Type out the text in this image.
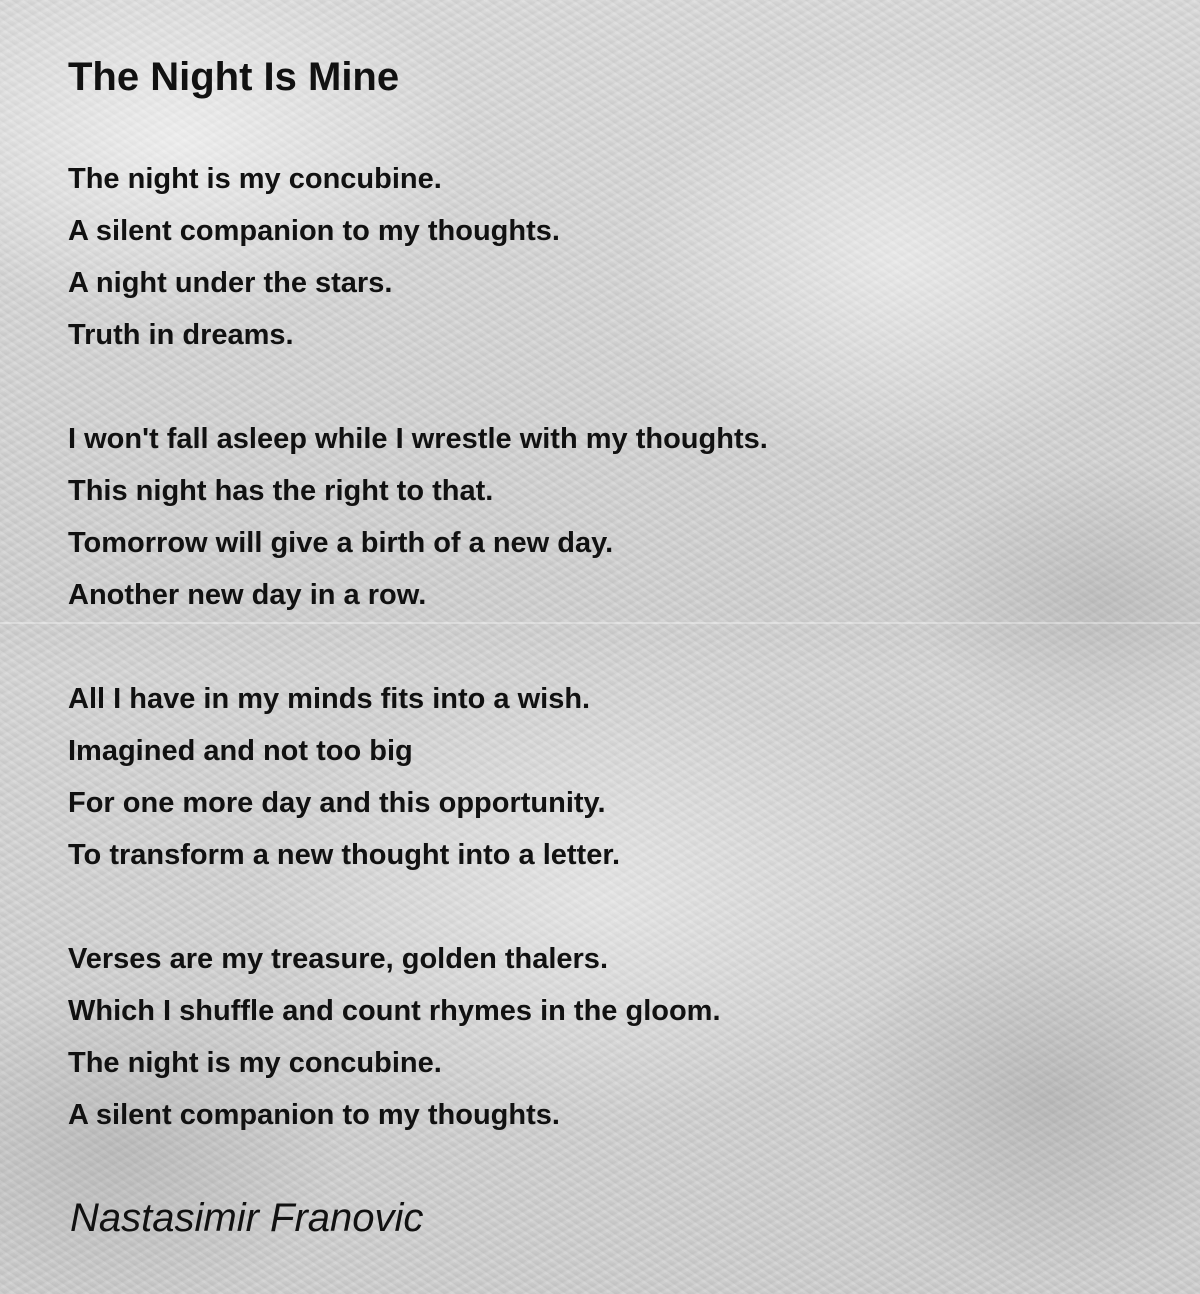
The Night Is Mine
The night is my concubine.
A silent companion to my thoughts.
A night under the stars.
Truth in dreams.
I won't fall asleep while I wrestle with my thoughts.
This night has the right to that.
Tomorrow will give a birth of a new day.
Another new day in a row.
All I have in my minds fits into a wish.
Imagined and not too big
For one more day and this opportunity.
To transform a new thought into a letter.
Verses are my treasure, golden thalers.
Which I shuffle and count rhymes in the gloom.
The night is my concubine.
A silent companion to my thoughts.

Nastasimir Franovic
